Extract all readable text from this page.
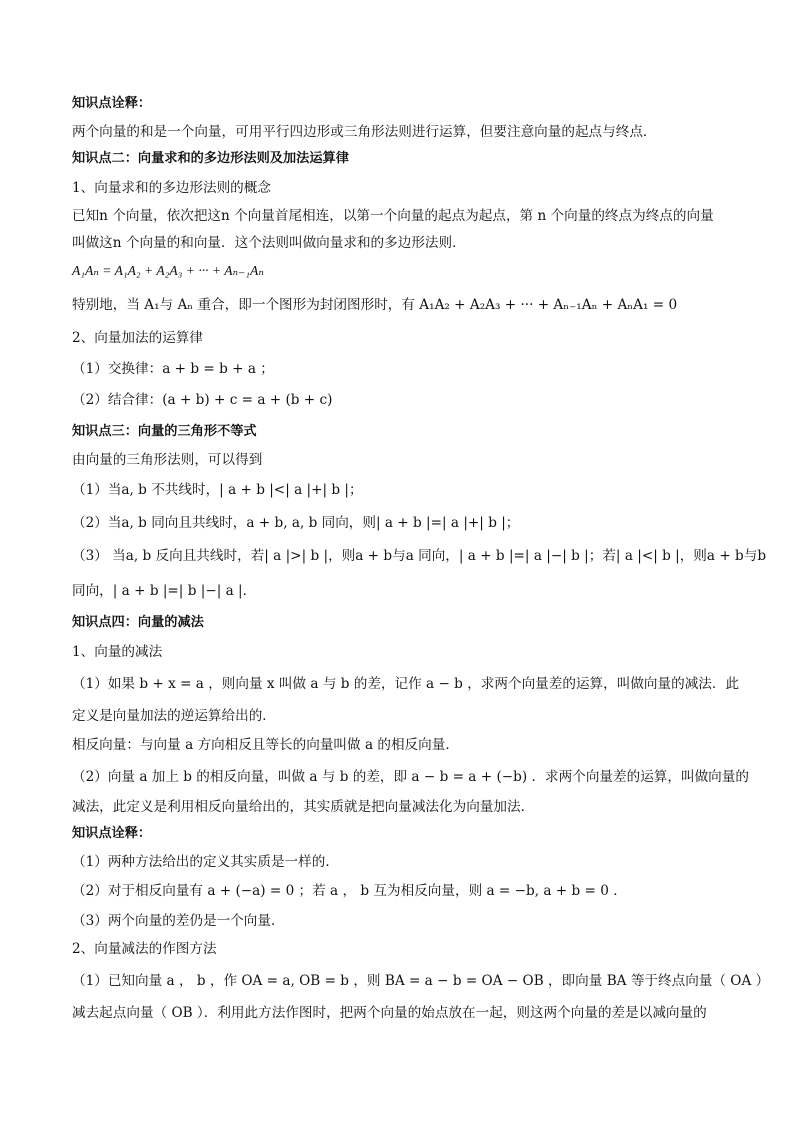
知识点诠释：
两个向量的和是一个向量，可用平行四边形或三角形法则进行运算，但要注意向量的起点与终点．
知识点二：向量求和的多边形法则及加法运算律
1、向量求和的多边形法则的概念
已知n 个向量，依次把这n 个向量首尾相连，以第一个向量的起点为起点，第 n 个向量的终点为终点的向量
叫做这n 个向量的和向量．这个法则叫做向量求和的多边形法则．
A₁Aₙ = A₁A₂ + A₂A₃ + ··· + Aₙ₋₁Aₙ
特别地，当 A₁与 Aₙ 重合，即一个图形为封闭图形时，有 A₁A₂ + A₂A₃ + ··· + Aₙ₋₁Aₙ + AₙA₁ = 0
2、向量加法的运算律
（1）交换律：a + b = b + a ；
（2）结合律：(a + b) + c = a + (b + c)
知识点三：向量的三角形不等式
由向量的三角形法则，可以得到
（1）当a, b 不共线时，| a + b |<| a |+| b |；
（2）当a, b 同向且共线时，a + b, a, b 同向，则| a + b |=| a |+| b |；
（3） 当a, b 反向且共线时，若| a |>| b |，则a + b与a 同向，| a + b |=| a |−| b |；若| a |<| b |，则a + b与b
同向，| a + b |=| b |−| a |．
知识点四：向量的减法
1、向量的减法
（1）如果 b + x = a ，则向量 x 叫做 a 与 b 的差，记作 a − b ，求两个向量差的运算，叫做向量的减法．此
定义是向量加法的逆运算给出的．
相反向量：与向量 a 方向相反且等长的向量叫做 a 的相反向量．
（2）向量 a 加上 b 的相反向量，叫做 a 与 b 的差，即 a − b = a + (−b) ．求两个向量差的运算，叫做向量的
减法，此定义是利用相反向量给出的，其实质就是把向量减法化为向量加法．
知识点诠释：
（1）两种方法给出的定义其实质是一样的．
（2）对于相反向量有 a + (−a) = 0 ；若 a ， b 互为相反向量，则 a = −b, a + b = 0 ．
（3）两个向量的差仍是一个向量．
2、向量减法的作图方法
（1）已知向量 a ， b ，作 OA = a, OB = b ，则 BA = a − b = OA − OB ，即向量 BA 等于终点向量（ OA ）
减去起点向量（ OB ）．利用此方法作图时，把两个向量的始点放在一起，则这两个向量的差是以减向量的
